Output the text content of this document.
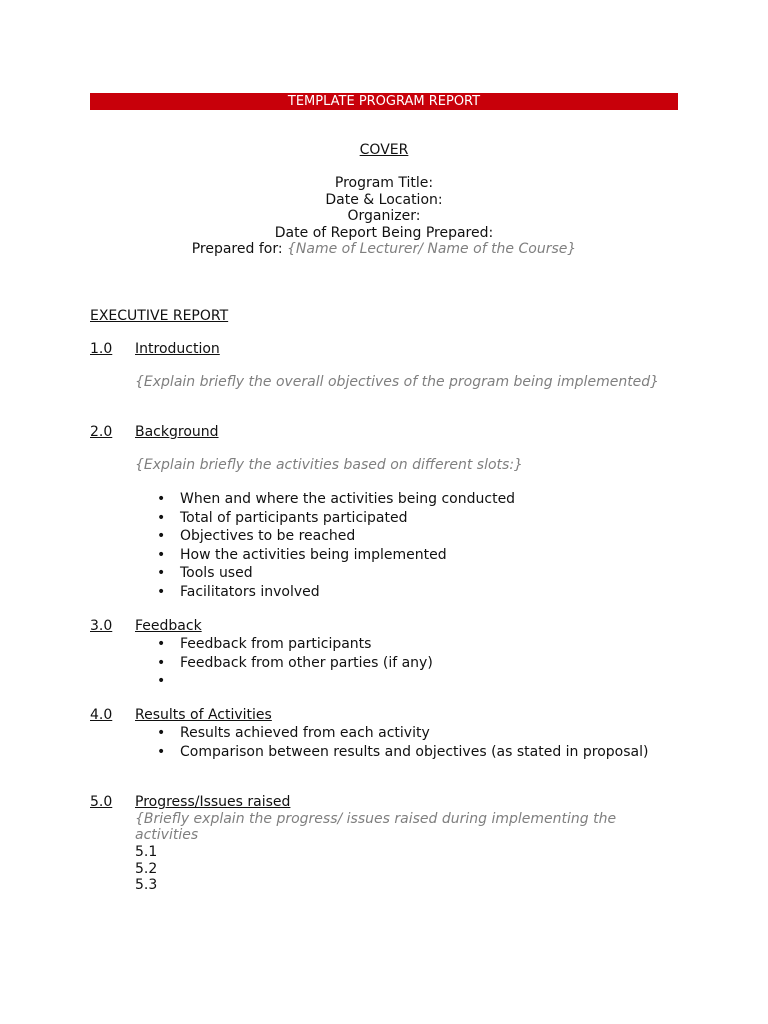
TEMPLATE PROGRAM REPORT
COVER
Program Title:
Date & Location:
Organizer:
Date of Report Being Prepared:
Prepared for: {Name of Lecturer/ Name of the Course}
EXECUTIVE REPORT
1.0 Introduction
{Explain briefly the overall objectives of the program being implemented}
2.0 Background
{Explain briefly the activities based on different slots:}
• When and where the activities being conducted
• Total of participants participated
• Objectives to be reached
• How the activities being implemented
• Tools used
• Facilitators involved
3.0 Feedback
• Feedback from participants
• Feedback from other parties (if any)
•
4.0 Results of Activities
• Results achieved from each activity
• Comparison between results and objectives (as stated in proposal)
5.0 Progress/Issues raised
{Briefly explain the progress/ issues raised during implementing the
activities
5.1
5.2
5.3
